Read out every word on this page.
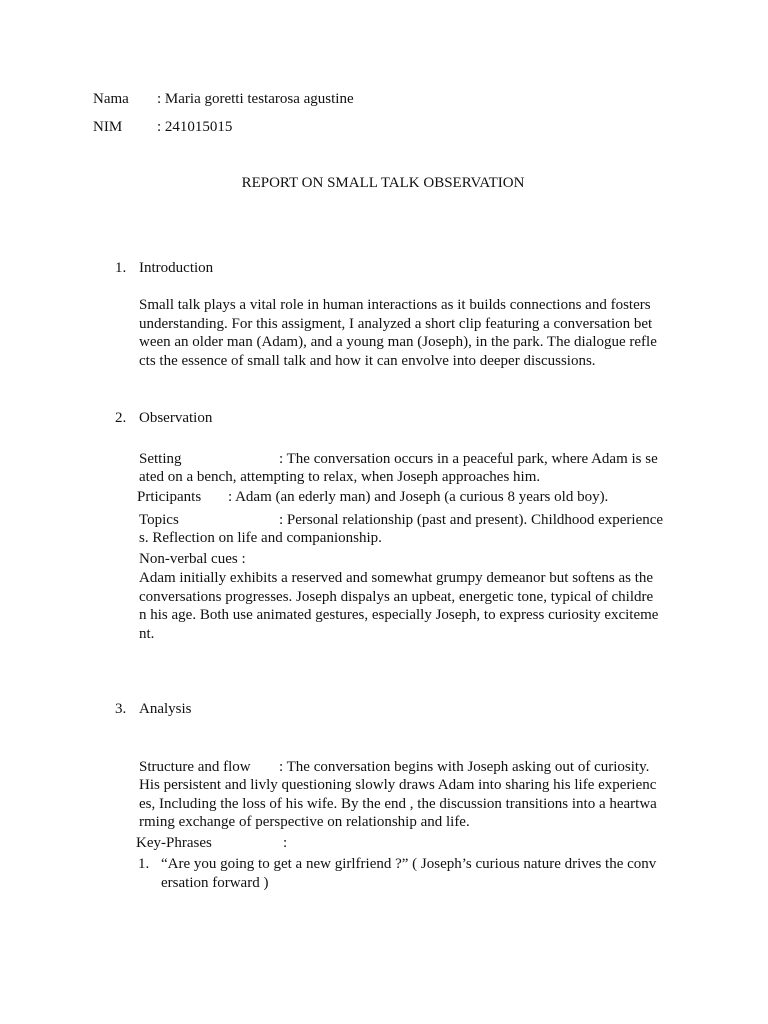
Nama : Maria goretti testarosa agustine
NIM : 241015015
REPORT ON SMALL TALK OBSERVATION
1. Introduction
Small talk plays a vital role in human interactions as it builds connections and fosters
understanding. For this assigment, I analyzed a short clip featuring a conversation bet
ween an older man (Adam), and a young man (Joseph), in the park. The dialogue refle
cts the essence of small talk and how it can envolve into deeper discussions.
2. Observation
Setting	: The conversation occurs in a peaceful park, where Adam is se
ated on a bench, attempting to relax, when Joseph approaches him.
Prticipants : Adam (an ederly man) and Joseph (a curious 8 years old boy).
Topics	: Personal relationship (past and present). Childhood experience
s. Reflection on life and companionship.
Non-verbal cues :
Adam initially exhibits a reserved and somewhat grumpy demeanor but softens as the
conversations progresses. Joseph dispalys an upbeat, energetic tone, typical of childre
n his age. Both use animated gestures, especially Joseph, to express curiosity exciteme
nt.
3. Analysis
Structure and flow : The conversation begins with Joseph asking out of curiosity.
His persistent and livly questioning slowly draws Adam into sharing his life experienc
es, Including the loss of his wife. By the end , the discussion transitions into a heartwa
rming exchange of perspective on relationship and life.
Key-Phrases	:
1. “Are you going to get a new girlfriend ?” ( Joseph’s curious nature drives the conv
ersation forward )
